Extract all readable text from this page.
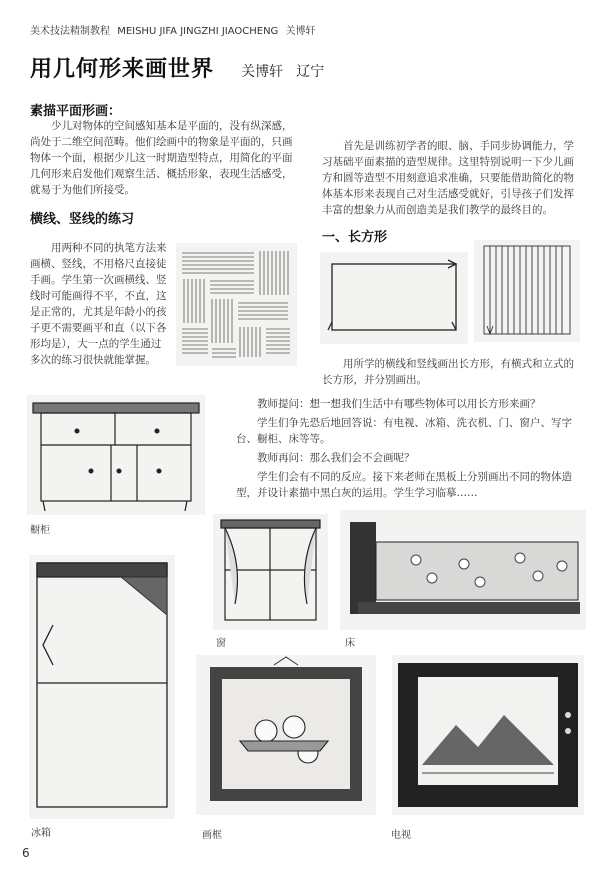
美术技法精制教程 MEISHU JIFA JINGZHI JIAOCHENG 关博轩
用几何形来画世界 关博轩 辽宁
素描平面形画：

少儿对物体的空间感知基本是平面的，没有纵深感，尚处于二维空间范畴。他们绘画中的物象是平面的，只画物体一个面，根据少儿这一时期造型特点，用简化的平面几何形来启发他们观察生活、概括形象，表现生活感受，就易于为他们所接受。

横线、竖线的练习

用两种不同的执笔方法来画横、竖线，不用格尺直接徒手画。学生第一次画横线、竖线时可能画得不平，不直，这是正常的，尤其是年龄小的孩子更不需要画平和直（以下各形均是），大一点的学生通过多次的练习很快就能掌握。

首先是训练初学者的眼、脑、手同步协调能力，学习基础平面素描的造型规律。这里特别说明一下少儿画方和圆等造型不用刻意追求准确，只要能借助简化的物体基本形来表现自己对生活感受就好，引导孩子们发挥丰富的想象力从而创造美是我们教学的最终目的。

一、长方形

用所学的横线和竖线画出长方形，有横式和立式的长方形，并分别画出。

教师提问：想一想我们生活中有哪些物体可以用长方形来画？

学生们争先恐后地回答说：有电视、冰箱、洗衣机、门、窗户、写字台、橱柜、床等等。

教师再问：那么我们会不会画呢？

学生们会有不同的反应。接下来老师在黑板上分别画出不同的物体造型，并设计素描中黑白灰的运用。学生学习临摹……

橱柜
窗	床
冰箱	画框	电视
6
